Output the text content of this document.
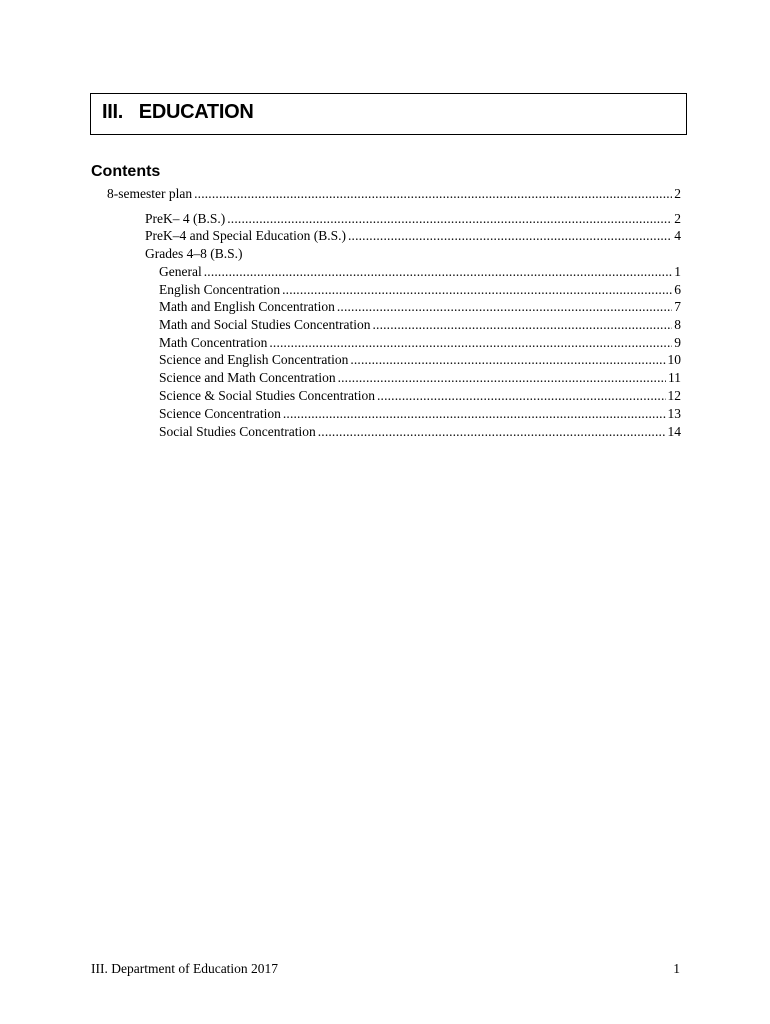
III.   EDUCATION
Contents
8-semester plan . . .	2
PreK– 4 (B.S.) . . .	2
PreK–4 and Special Education (B.S.) . . .	4
Grades 4–8 (B.S.)
General . . .	1
English Concentration . . .	6
Math and English Concentration . . .	7
Math and Social Studies Concentration . . .	8
Math Concentration . . .	9
Science and English Concentration . . .	10
Science and Math Concentration . . .	11
Science & Social Studies Concentration . . .	12
Science Concentration . . .	13
Social Studies Concentration . . .	14
III. Department of Education 2017	1
